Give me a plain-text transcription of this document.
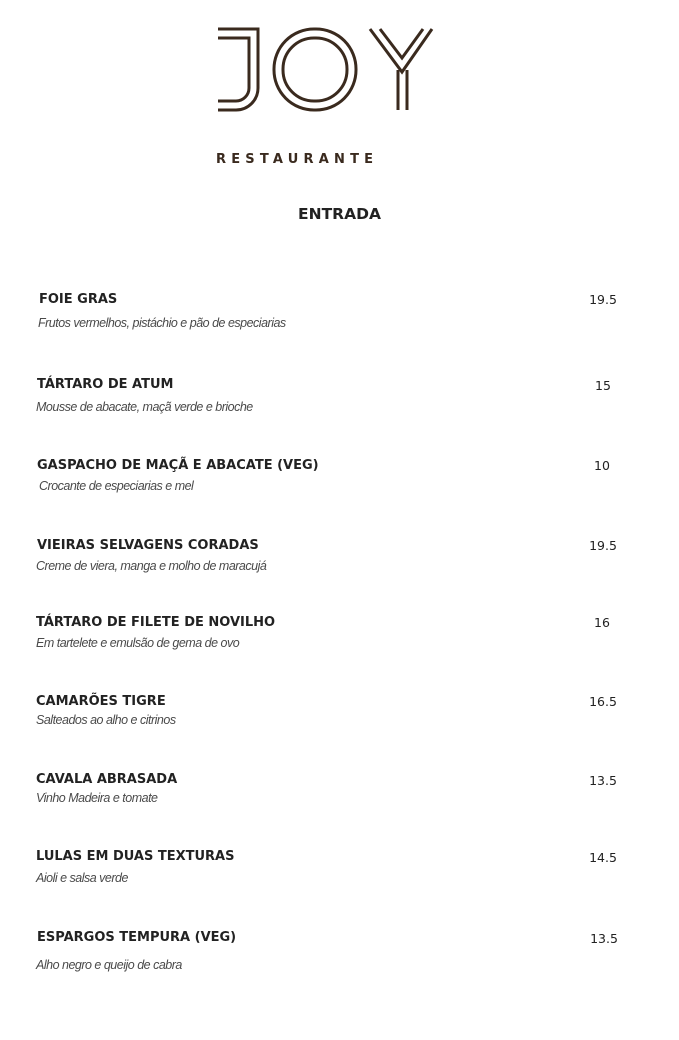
RESTAURANTE
ENTRADA
FOIE GRAS
Frutos vermelhos, pistáchio e pão de especiarias
19.5
TÁRTARO DE ATUM
Mousse de abacate, maçã verde e brioche
15
GASPACHO DE MAÇÃ E ABACATE (VEG)
Crocante de especiarias e mel
10
VIEIRAS SELVAGENS CORADAS
Creme de viera, manga e molho de maracujá
19.5
TÁRTARO DE FILETE DE NOVILHO
Em tartelete e emulsão de gema de ovo
16
CAMARÕES TIGRE
Salteados ao alho e citrinos
16.5
CAVALA ABRASADA
Vinho Madeira e tomate
13.5
LULAS EM DUAS TEXTURAS
Aioli e salsa verde
14.5
ESPARGOS TEMPURA (VEG)
Alho negro e queijo de cabra
13.5
